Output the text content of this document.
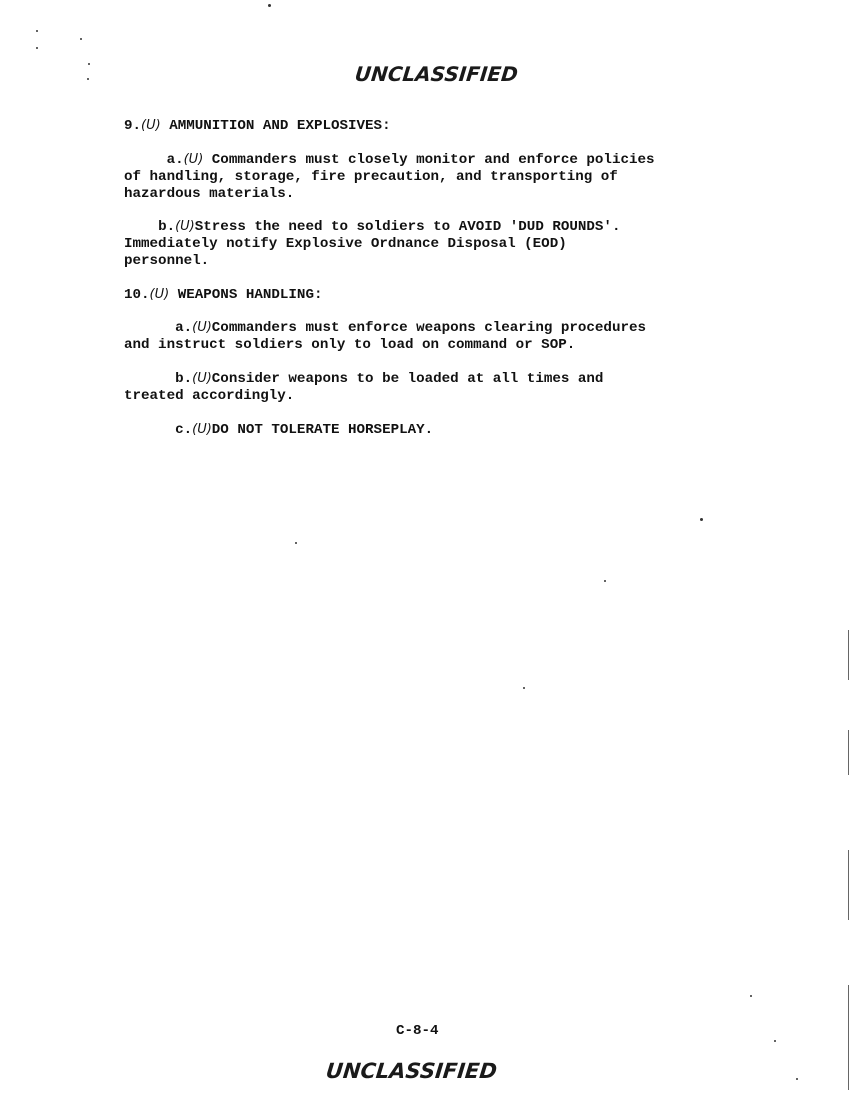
UNCLASSIFIED
9.(U) AMMUNITION AND EXPLOSIVES:
a.(U) Commanders must closely monitor and enforce policies
of handling, storage, fire precaution, and transporting of
hazardous materials.
b.(U)Stress the need to soldiers to AVOID 'DUD ROUNDS'.
Immediately notify Explosive Ordnance Disposal (EOD)
personnel.
10.(U) WEAPONS HANDLING:
a.(U)Commanders must enforce weapons clearing procedures
and instruct soldiers only to load on command or SOP.
b.(U)Consider weapons to be loaded at all times and
treated accordingly.
c.(U)DO NOT TOLERATE HORSEPLAY.
C-8-4
UNCLASSIFIED
